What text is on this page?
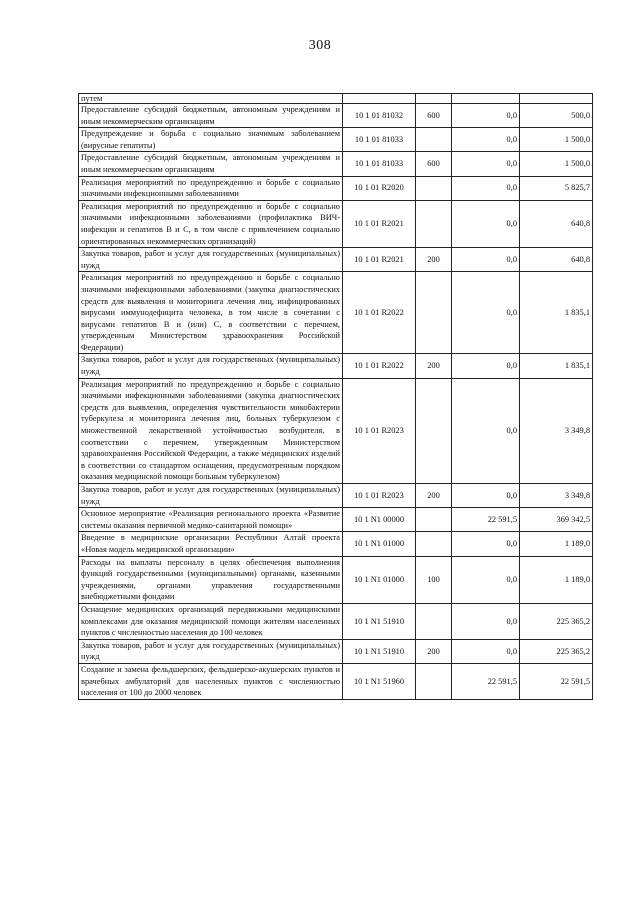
308
путем				
Предоставление субсидий бюджетным, автономным учреждениям и иным некоммерческим организациям	10 1 01 81032	600	0,0	500,0
Предупреждение и борьба с социально значимым заболеванием (вирусные гепатиты)	10 1 01 81033		0,0	1 500,0
Предоставление субсидий бюджетным, автономным учреждениям и иным некоммерческим организациям	10 1 01 81033	600	0,0	1 500,0
Реализация мероприятий по предупреждению и борьбе с социально значимыми инфекционными заболеваниями	10 1 01 R2020		0,0	5 825,7
Реализация мероприятий по предупреждению и борьбе с социально значимыми инфекционными заболеваниями (профилактика ВИЧ-инфекции и гепатитов В и С, в том числе с привлечением социально ориентированных некоммерческих организаций)	10 1 01 R2021		0,0	640,8
Закупка товаров, работ и услуг для государственных (муниципальных) нужд	10 1 01 R2021	200	0,0	640,8
Реализация мероприятий по предупреждению и борьбе с социально значимыми инфекционными заболеваниями (закупка диагностических средств для выявления и мониторинга лечения лиц, инфицированных вирусами иммунодефицита человека, в том числе в сочетании с вирусами гепатитов В и (или) С, в соответствии с перечнем, утвержденным Министерством здравоохранения Российской Федерации)	10 1 01 R2022		0,0	1 835,1
Закупка товаров, работ и услуг для государственных (муниципальных) нужд	10 1 01 R2022	200	0,0	1 835,1
Реализация мероприятий по предупреждению и борьбе с социально значимыми инфекционными заболеваниями (закупка диагностических средств для выявления, определения чувствительности микобактерии туберкулеза и мониторинга лечения лиц, больных туберкулезом с множественной лекарственной устойчивостью возбудителя, в соответствии с перечнем, утвержденным Министерством здравоохранения Российской Федерации, а также медицинских изделий в соответствии со стандартом оснащения, предусмотренным порядком оказания медицинской помощи больным туберкулезом)	10 1 01 R2023		0,0	3 349,8
Закупка товаров, работ и услуг для государственных (муниципальных) нужд	10 1 01 R2023	200	0,0	3 349,8
Основное мероприятие «Реализация регионального проекта «Развитие системы оказания первичной медико-санитарной помощи»	10 1 N1 00000		22 591,5	369 342,5
Введение в медицинские организации Республики Алтай проекта «Новая модель медицинской организации»	10 1 N1 01000		0,0	1 189,0
Расходы на выплаты персоналу в целях обеспечения выполнения функций государственными (муниципальными) органами, казенными учреждениями, органами управления государственными внебюджетными фондами	10 1 N1 01000	100	0,0	1 189,0
Оснащение медицинских организаций передвижными медицинскими комплексами для оказания медицинской помощи жителям населенных пунктов с численностью населения до 100 человек	10 1 N1 51910		0,0	225 365,2
Закупка товаров, работ и услуг для государственных (муниципальных) нужд	10 1 N1 51910	200	0,0	225 365,2
Создание и замена фельдшерских, фельдшерско-акушерских пунктов и врачебных амбулаторий для населенных пунктов с численностью населения от 100 до 2000 человек	10 1 N1 51960		22 591,5	22 591,5
